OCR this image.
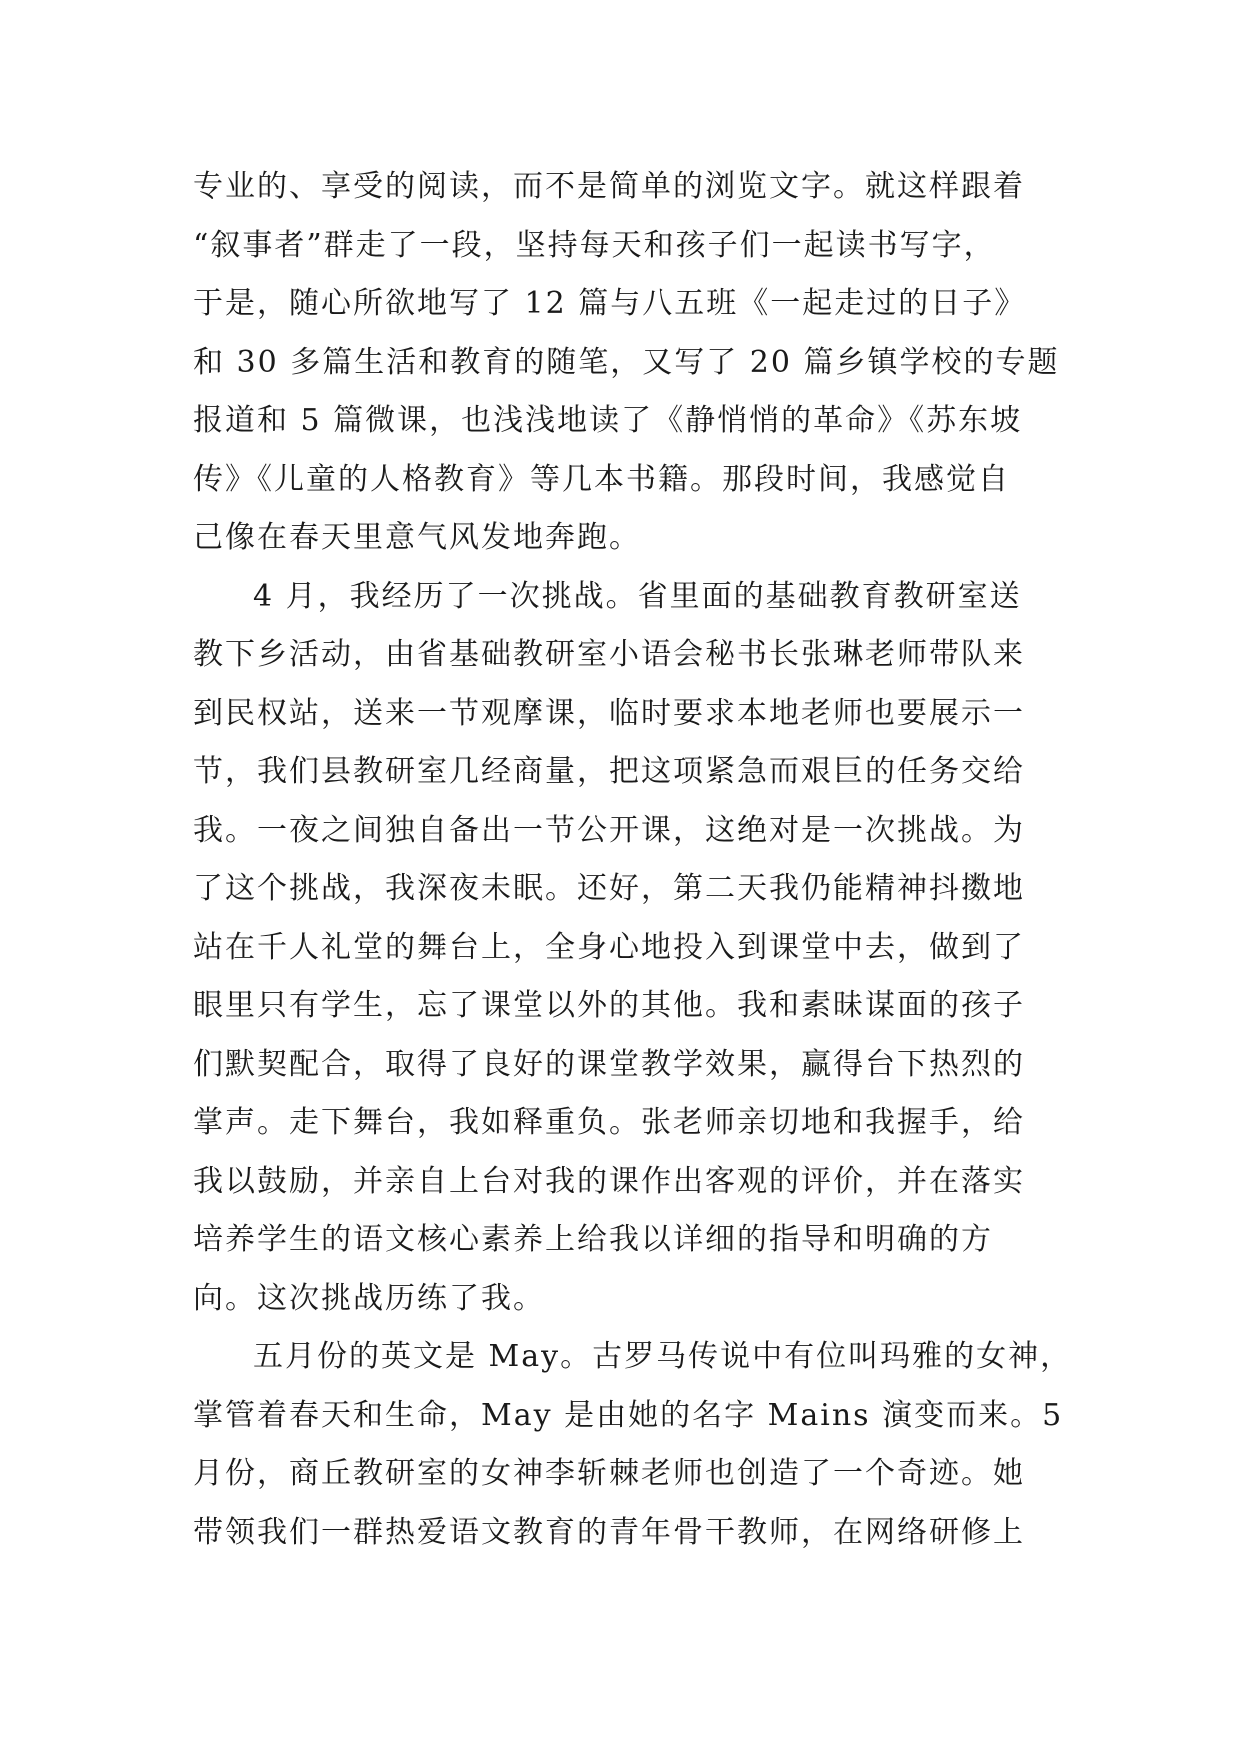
专业的、享受的阅读，而不是简单的浏览文字。就这样跟着
“叙事者”群走了一段，坚持每天和孩子们一起读书写字，
于是，随心所欲地写了 12 篇与八五班《一起走过的日子》
和 30 多篇生活和教育的随笔，又写了 20 篇乡镇学校的专题
报道和 5 篇微课，也浅浅地读了《静悄悄的革命》《苏东坡
传》《儿童的人格教育》等几本书籍。那段时间，我感觉自
己像在春天里意气风发地奔跑。
4 月，我经历了一次挑战。省里面的基础教育教研室送
教下乡活动，由省基础教研室小语会秘书长张琳老师带队来
到民权站，送来一节观摩课，临时要求本地老师也要展示一
节，我们县教研室几经商量，把这项紧急而艰巨的任务交给
我。一夜之间独自备出一节公开课，这绝对是一次挑战。为
了这个挑战，我深夜未眠。还好，第二天我仍能精神抖擞地
站在千人礼堂的舞台上，全身心地投入到课堂中去，做到了
眼里只有学生，忘了课堂以外的其他。我和素昧谋面的孩子
们默契配合，取得了良好的课堂教学效果，赢得台下热烈的
掌声。走下舞台，我如释重负。张老师亲切地和我握手，给
我以鼓励，并亲自上台对我的课作出客观的评价，并在落实
培养学生的语文核心素养上给我以详细的指导和明确的方
向。这次挑战历练了我。
五月份的英文是 May。古罗马传说中有位叫玛雅的女神，
掌管着春天和生命，May 是由她的名字 Mains 演变而来。5
月份，商丘教研室的女神李斩棘老师也创造了一个奇迹。她
带领我们一群热爱语文教育的青年骨干教师，在网络研修上
